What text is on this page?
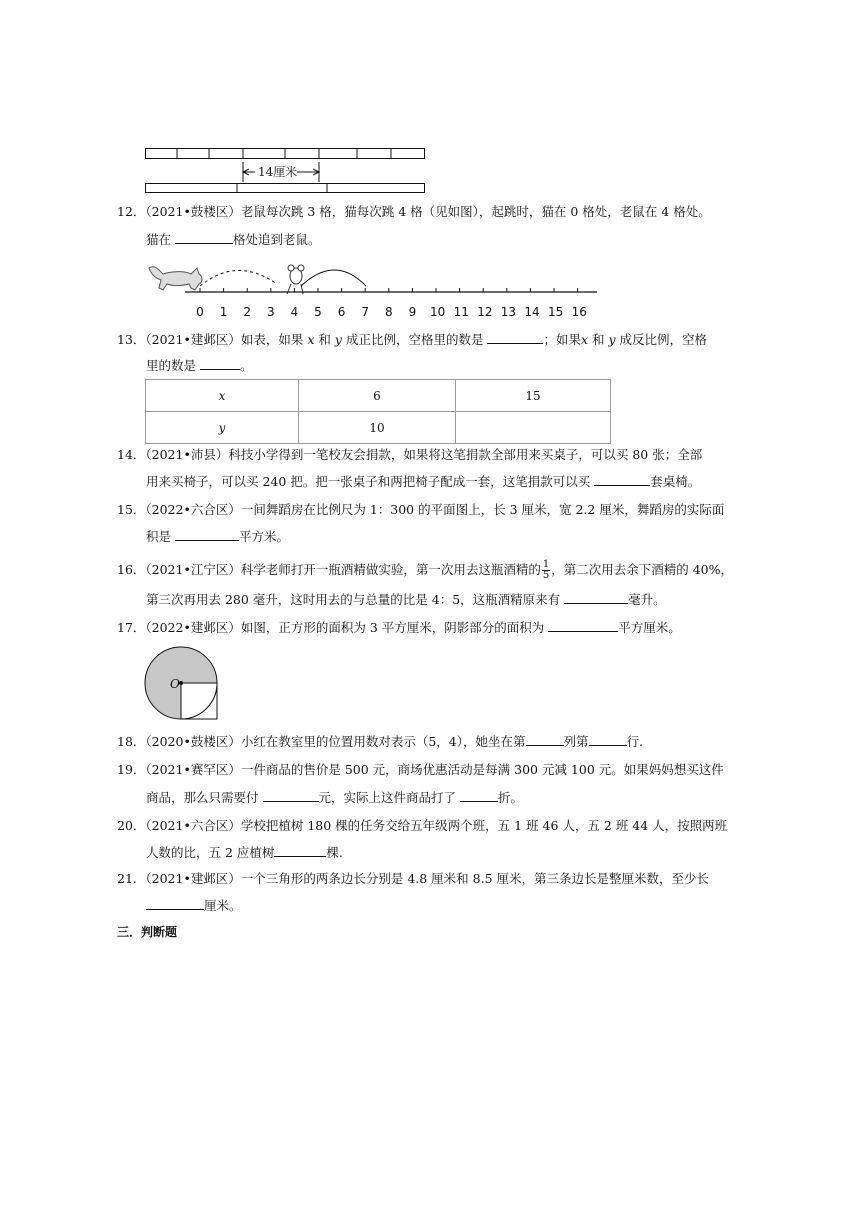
14厘米
12．（2021•鼓楼区）老鼠每次跳 3 格，猫每次跳 4 格（见如图），起跳时，猫在 0 格处，老鼠在 4 格处。
猫在	格处追到老鼠。
0 1 2 3 4 5 6 7 8 9 10 11 12 13 14 15 16
13．（2021•建邺区）如表，如果 x 和 y 成正比例，空格里的数是	；如果x 和 y 成反比例，空格
里的数是	。
x	6	15
y	10	
14．（2021•沛县）科技小学得到一笔校友会捐款，如果将这笔捐款全部用来买桌子，可以买 80 张；全部
用来买椅子，可以买 240 把。把一张桌子和两把椅子配成一套，这笔捐款可以买	套桌椅。
15．（2022•六合区）一间舞蹈房在比例尺为 1：300 的平面图上，长 3 厘米，宽 2.2 厘米，舞蹈房的实际面
积是	平方米。
16．（2021•江宁区）科学老师打开一瓶酒精做实验，第一次用去这瓶酒精的 $\frac{1}{5}$ ，第二次用去余下酒精的 40%，
第三次再用去 280 毫升，这时用去的与总量的比是 4：5，这瓶酒精原来有	毫升。
17．（2022•建邺区）如图，正方形的面积为 3 平方厘米，阴影部分的面积为	平方厘米。
O
18．（2020•鼓楼区）小红在教室里的位置用数对表示（5，4），她坐在第	列第	行.
19．（2021•赛罕区）一件商品的售价是 500 元，商场优惠活动是每满 300 元减 100 元。如果妈妈想买这件
商品，那么只需要付	元，实际上这件商品打了	折。
20．（2021•六合区）学校把植树 180 棵的任务交给五年级两个班，五 1 班 46 人，五 2 班 44 人，按照两班
人数的比，五 2 应植树	棵.
21．（2021•建邺区）一个三角形的两条边长分别是 4.8 厘米和 8.5 厘米，第三条边长是整厘米数，至少长
厘米。
三．判断题
